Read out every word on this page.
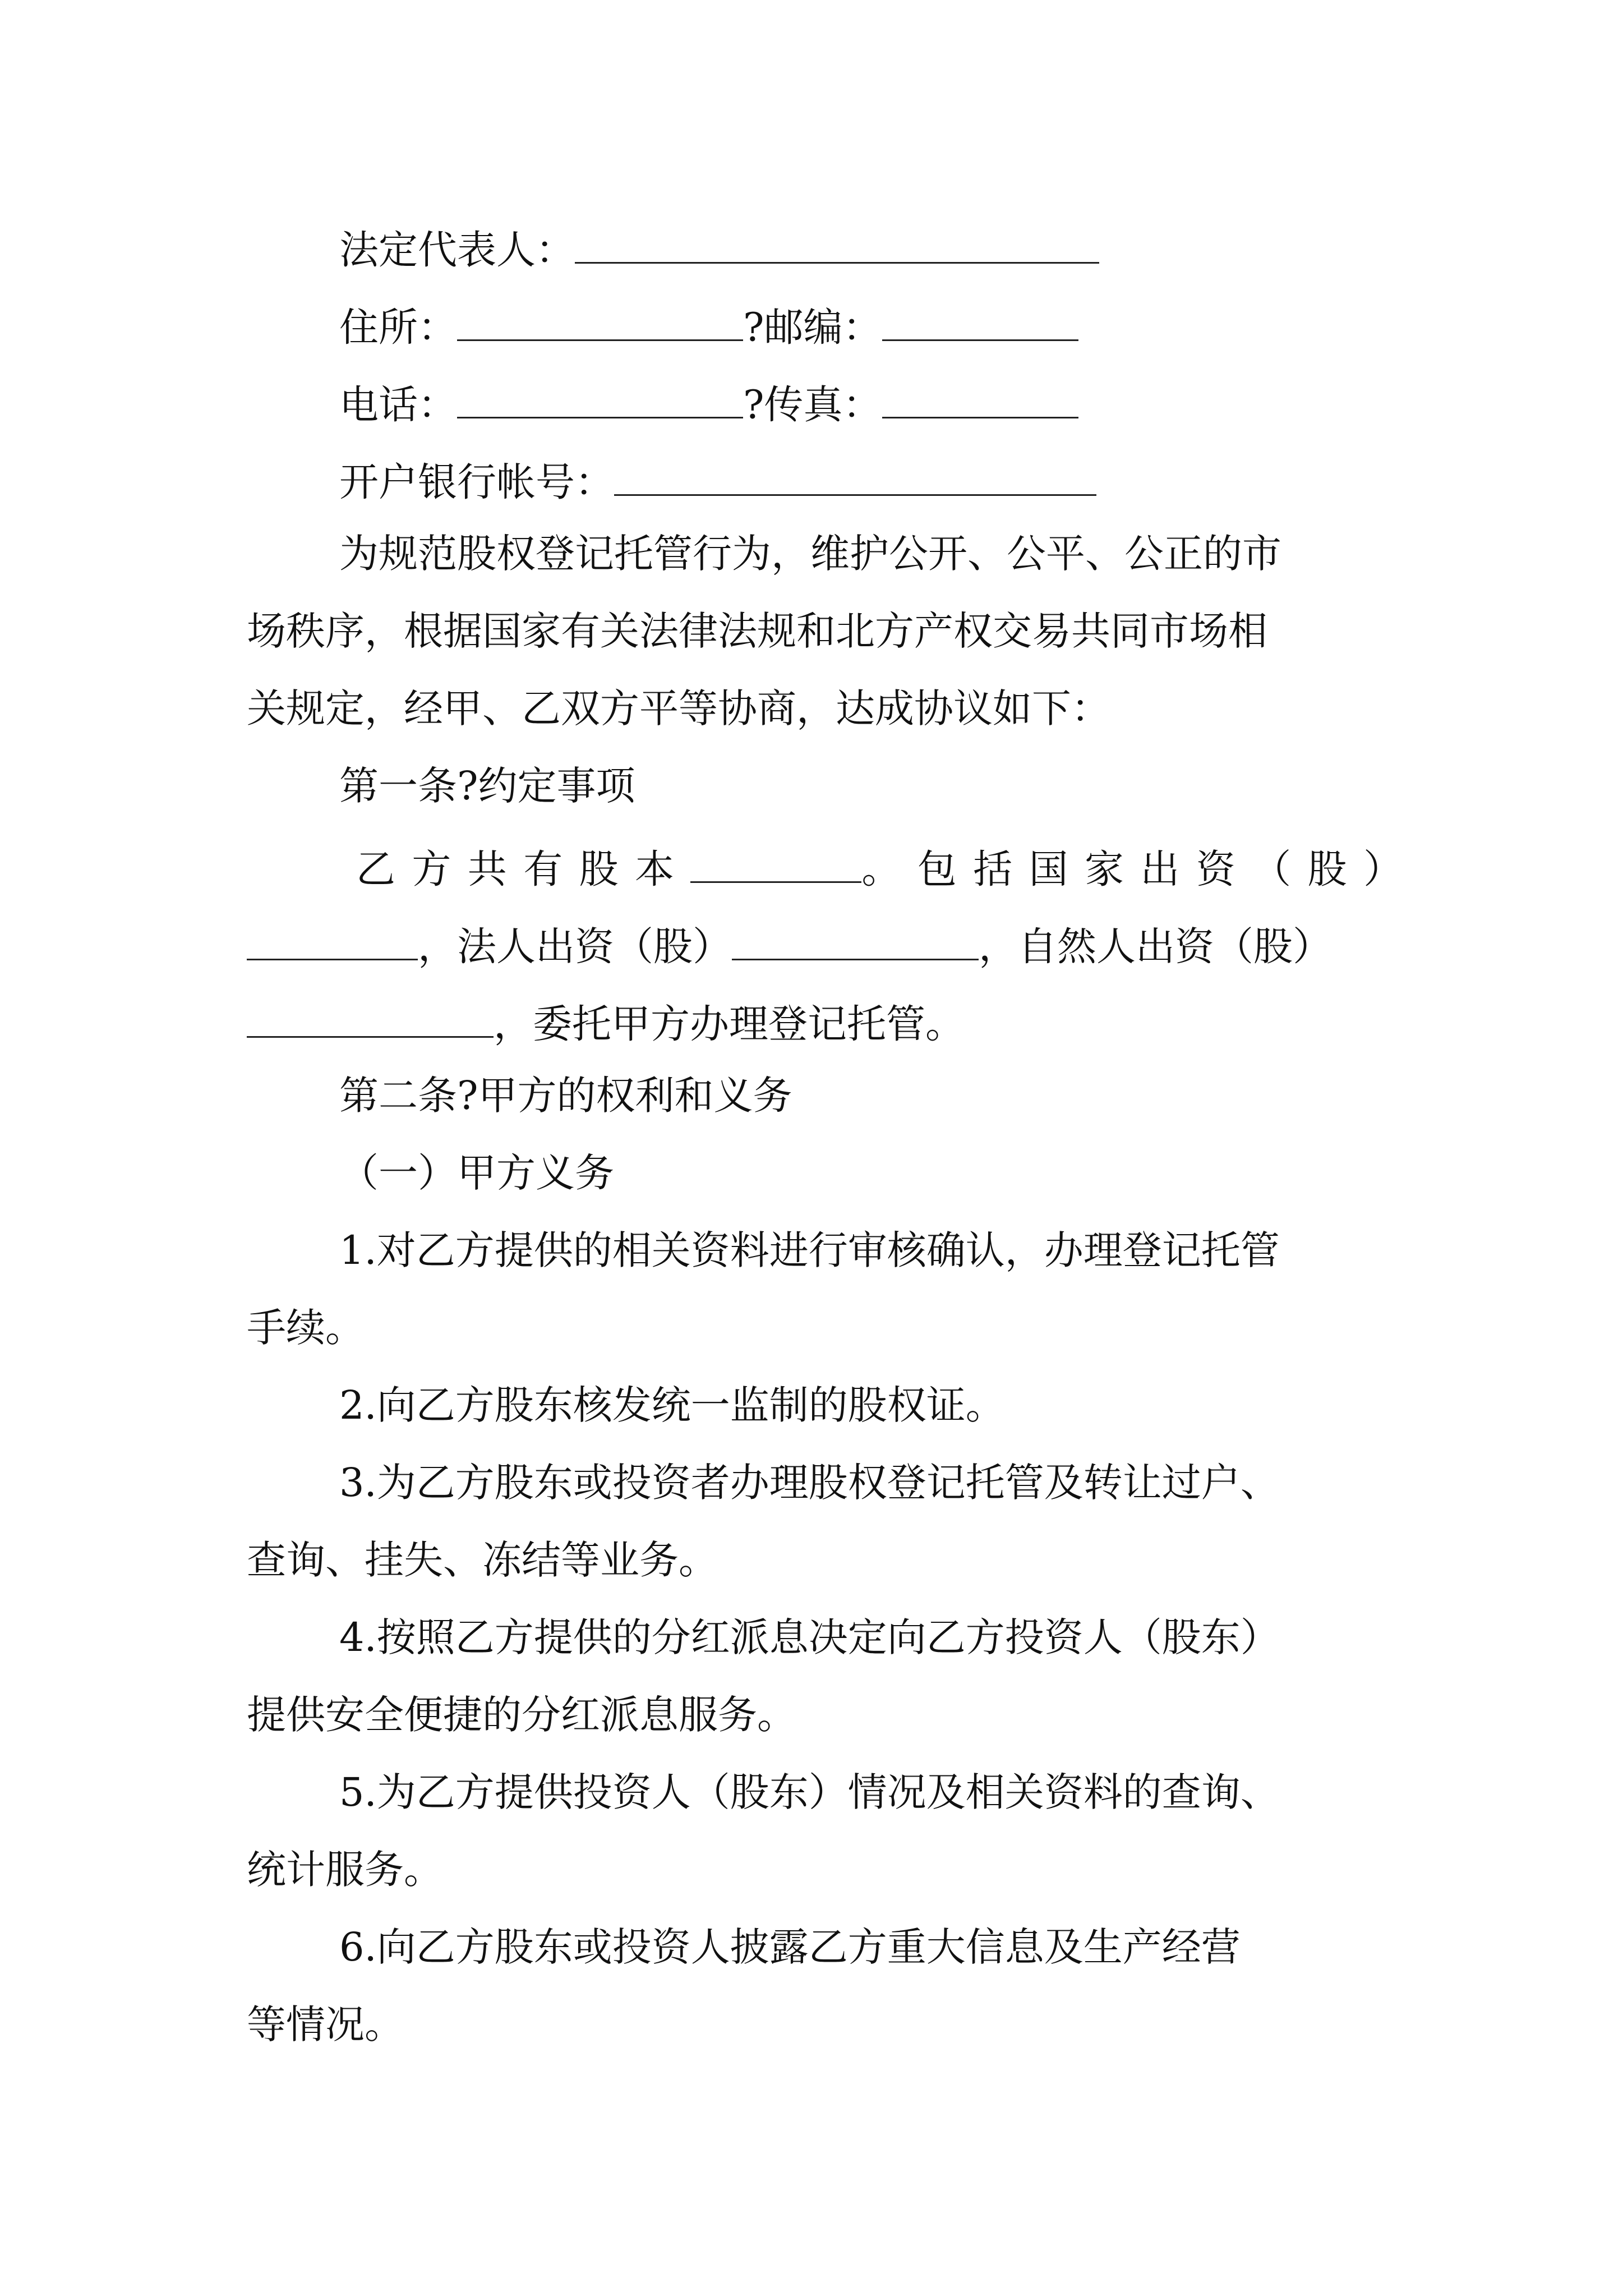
法定代表人：
住所：	?邮编：
电话：	?传真：
开户银行帐号：
为规范股权登记托管行为，维护公开、公平、公正的市
场秩序，根据国家有关法律法规和北方产权交易共同市场相
关规定，经甲、乙双方平等协商，达成协议如下：
第一条?约定事项
乙方共有股本	。包括国家出资（股）
，法人出资（股）	，自然人出资（股）
，委托甲方办理登记托管。
第二条?甲方的权利和义务
（一）甲方义务
1.对乙方提供的相关资料进行审核确认，办理登记托管
手续。
2.向乙方股东核发统一监制的股权证。
3.为乙方股东或投资者办理股权登记托管及转让过户、
查询、挂失、冻结等业务。
4.按照乙方提供的分红派息决定向乙方投资人（股东）
提供安全便捷的分红派息服务。
5.为乙方提供投资人（股东）情况及相关资料的查询、
统计服务。
6.向乙方股东或投资人披露乙方重大信息及生产经营
等情况。
